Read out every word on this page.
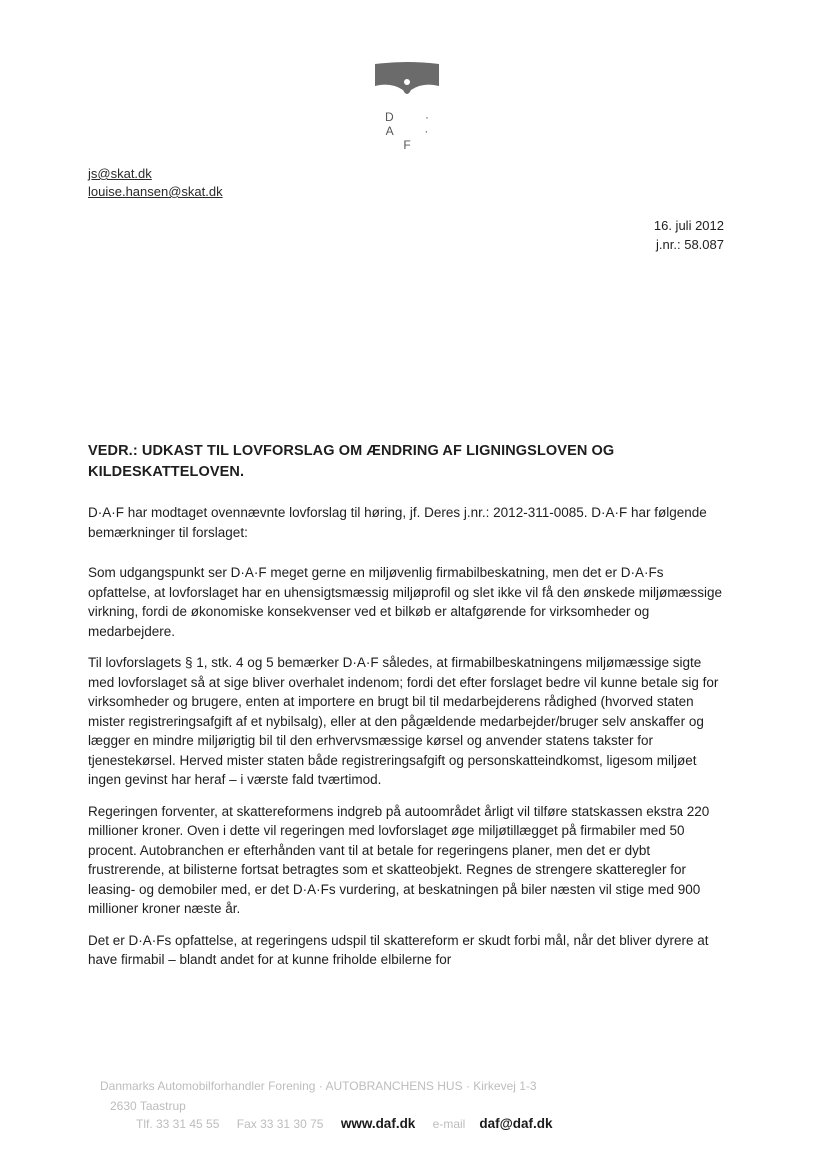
D · A · F
js@skat.dk
louise.hansen@skat.dk
16. juli 2012
j.nr.: 58.087
VEDR.: UDKAST TIL LOVFORSLAG OM ÆNDRING AF LIGNINGSLOVEN OG KILDESKATTELOVEN.
D·A·F har modtaget ovennævnte lovforslag til høring, jf. Deres j.nr.: 2012-311-0085. D·A·F har følgende bemærkninger til forslaget:

Som udgangspunkt ser D·A·F meget gerne en miljøvenlig firmabilbeskatning, men det er D·A·Fs opfattelse, at lovforslaget har en uhensigtsmæssig miljøprofil og slet ikke vil få den ønskede miljømæssige virkning, fordi de økonomiske konsekvenser ved et bilkøb er altafgørende for virksomheder og medarbejdere.

Til lovforslagets § 1, stk. 4 og 5 bemærker D·A·F således, at firmabilbeskatningens miljømæssige sigte med lovforslaget så at sige bliver overhalet indenom; fordi det efter forslaget bedre vil kunne betale sig for virksomheder og brugere, enten at importere en brugt bil til medarbejderens rådighed (hvorved staten mister registreringsafgift af et nybilsalg), eller at den pågældende medarbejder/bruger selv anskaffer og lægger en mindre miljørigtig bil til den erhvervsmæssige kørsel og anvender statens takster for tjenestekørsel. Herved mister staten både registreringsafgift og personskatteindkomst, ligesom miljøet ingen gevinst har heraf – i værste fald tværtimod.

Regeringen forventer, at skattereformens indgreb på autoområdet årligt vil tilføre statskassen ekstra 220 millioner kroner. Oven i dette vil regeringen med lovforslaget øge miljøtillægget på firmabiler med 50 procent. Autobranchen er efterhånden vant til at betale for regeringens planer, men det er dybt frustrerende, at bilisterne fortsat betragtes som et skatteobjekt. Regnes de strengere skatteregler for leasing- og demobiler med, er det D·A·Fs vurdering, at beskatningen på biler næsten vil stige med 900 millioner kroner næste år.

Det er D·A·Fs opfattelse, at regeringens udspil til skattereform er skudt forbi mål, når det bliver dyrere at have firmabil – blandt andet for at kunne friholde elbilerne for

Danmarks Automobilforhandler Forening · AUTOBRANCHENS HUS · Kirkevej 1-3
2630 Taastrup
Tlf. 33 31 45 55 Fax 33 31 30 75 www.daf.dk e-mail daf@daf.dk
